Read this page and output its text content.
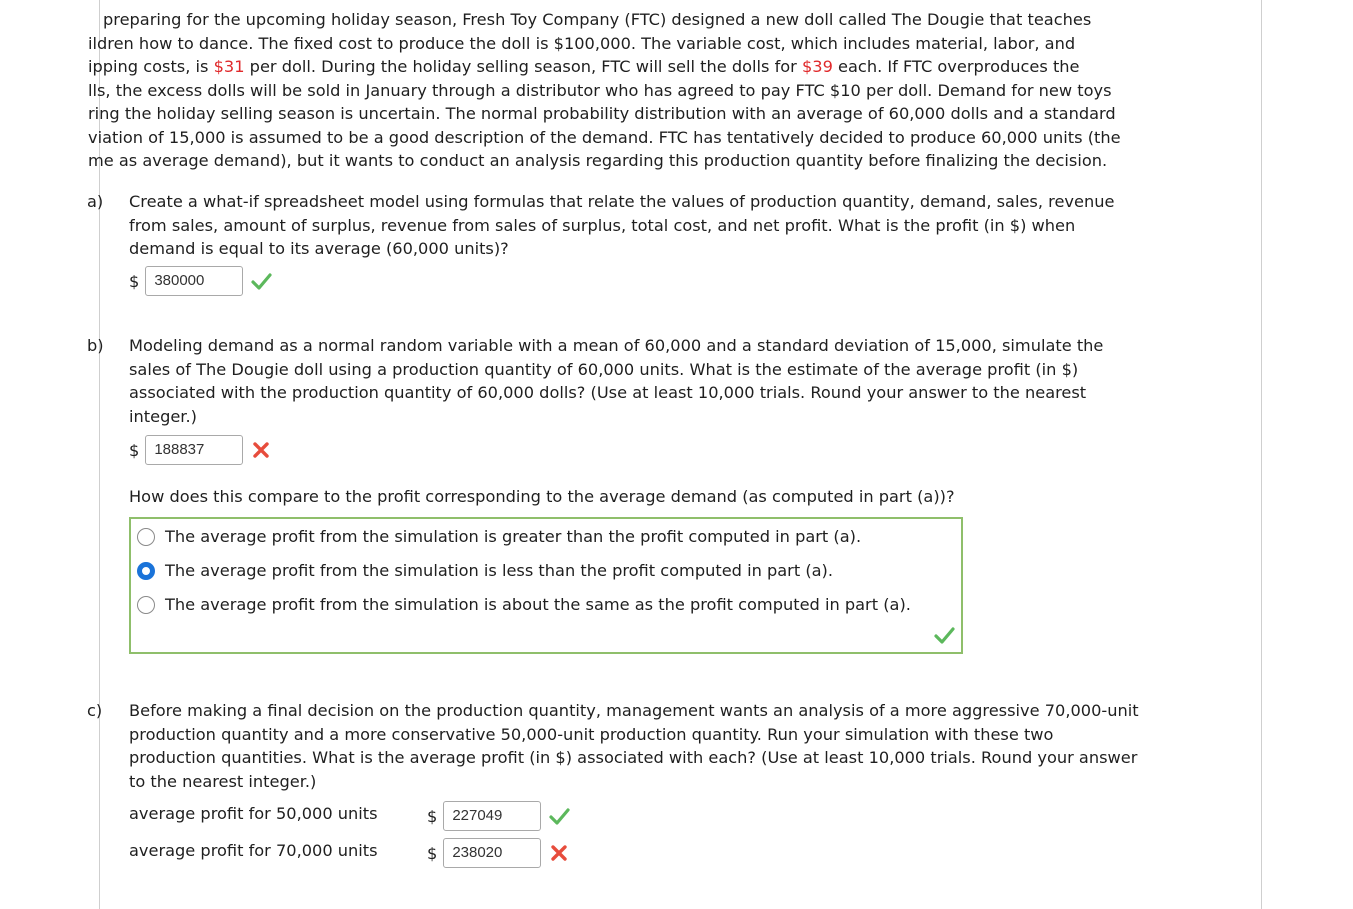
preparing for the upcoming holiday season, Fresh Toy Company (FTC) designed a new doll called The Dougie that teaches
ildren how to dance. The fixed cost to produce the doll is $100,000. The variable cost, which includes material, labor, and
ipping costs, is $31 per doll. During the holiday selling season, FTC will sell the dolls for $39 each. If FTC overproduces the
lls, the excess dolls will be sold in January through a distributor who has agreed to pay FTC $10 per doll. Demand for new toys
ring the holiday selling season is uncertain. The normal probability distribution with an average of 60,000 dolls and a standard
viation of 15,000 is assumed to be a good description of the demand. FTC has tentatively decided to produce 60,000 units (the
me as average demand), but it wants to conduct an analysis regarding this production quantity before finalizing the decision.
a)	Create a what-if spreadsheet model using formulas that relate the values of production quantity, demand, sales, revenue
from sales, amount of surplus, revenue from sales of surplus, total cost, and net profit. What is the profit (in $) when
demand is equal to its average (60,000 units)?
$	380000
b)	Modeling demand as a normal random variable with a mean of 60,000 and a standard deviation of 15,000, simulate the
sales of The Dougie doll using a production quantity of 60,000 units. What is the estimate of the average profit (in $)
associated with the production quantity of 60,000 dolls? (Use at least 10,000 trials. Round your answer to the nearest
integer.)
$	188837
How does this compare to the profit corresponding to the average demand (as computed in part (a))?
The average profit from the simulation is greater than the profit computed in part (a).
The average profit from the simulation is less than the profit computed in part (a).
The average profit from the simulation is about the same as the profit computed in part (a).
c)	Before making a final decision on the production quantity, management wants an analysis of a more aggressive 70,000-unit
production quantity and a more conservative 50,000-unit production quantity. Run your simulation with these two
production quantities. What is the average profit (in $) associated with each? (Use at least 10,000 trials. Round your answer
to the nearest integer.)
average profit for 50,000 units	$	227049
average profit for 70,000 units	$	238020
